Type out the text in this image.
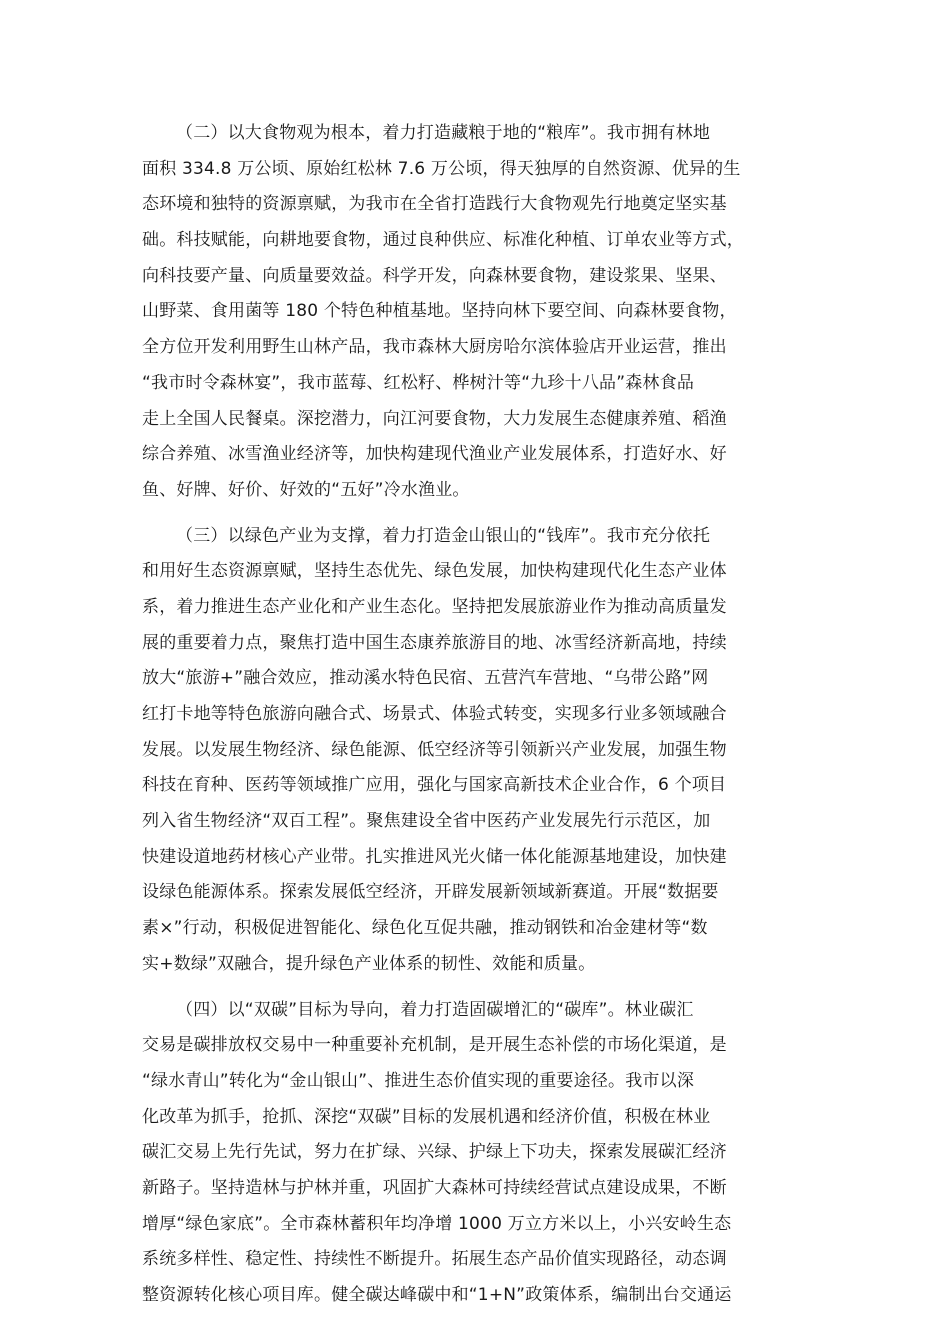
（二）以大食物观为根本，着力打造藏粮于地的“粮库”。我市拥有林地
面积 334.8 万公顷、原始红松林 7.6 万公顷，得天独厚的自然资源、优异的生
态环境和独特的资源禀赋，为我市在全省打造践行大食物观先行地奠定坚实基
础。科技赋能，向耕地要食物，通过良种供应、标准化种植、订单农业等方式，
向科技要产量、向质量要效益。科学开发，向森林要食物，建设浆果、坚果、
山野菜、食用菌等 180 个特色种植基地。坚持向林下要空间、向森林要食物，
全方位开发利用野生山林产品，我市森林大厨房哈尔滨体验店开业运营，推出
“我市时令森林宴”，我市蓝莓、红松籽、桦树汁等“九珍十八品”森林食品
走上全国人民餐桌。深挖潜力，向江河要食物，大力发展生态健康养殖、稻渔
综合养殖、冰雪渔业经济等，加快构建现代渔业产业发展体系，打造好水、好
鱼、好牌、好价、好效的“五好”冷水渔业。

（三）以绿色产业为支撑，着力打造金山银山的“钱库”。我市充分依托
和用好生态资源禀赋，坚持生态优先、绿色发展，加快构建现代化生态产业体
系，着力推进生态产业化和产业生态化。坚持把发展旅游业作为推动高质量发
展的重要着力点，聚焦打造中国生态康养旅游目的地、冰雪经济新高地，持续
放大“旅游+”融合效应，推动溪水特色民宿、五营汽车营地、“乌带公路”网
红打卡地等特色旅游向融合式、场景式、体验式转变，实现多行业多领域融合
发展。以发展生物经济、绿色能源、低空经济等引领新兴产业发展，加强生物
科技在育种、医药等领域推广应用，强化与国家高新技术企业合作，6 个项目
列入省生物经济“双百工程”。聚焦建设全省中医药产业发展先行示范区，加
快建设道地药材核心产业带。扎实推进风光火储一体化能源基地建设，加快建
设绿色能源体系。探索发展低空经济，开辟发展新领域新赛道。开展“数据要
素×”行动，积极促进智能化、绿色化互促共融，推动钢铁和冶金建材等“数
实+数绿”双融合，提升绿色产业体系的韧性、效能和质量。

（四）以“双碳”目标为导向，着力打造固碳增汇的“碳库”。林业碳汇
交易是碳排放权交易中一种重要补充机制，是开展生态补偿的市场化渠道，是
“绿水青山”转化为“金山银山”、推进生态价值实现的重要途径。我市以深
化改革为抓手，抢抓、深挖“双碳”目标的发展机遇和经济价值，积极在林业
碳汇交易上先行先试，努力在扩绿、兴绿、护绿上下功夫，探索发展碳汇经济
新路子。坚持造林与护林并重，巩固扩大森林可持续经营试点建设成果，不断
增厚“绿色家底”。全市森林蓄积年均净增 1000 万立方米以上，小兴安岭生态
系统多样性、稳定性、持续性不断提升。拓展生态产品价值实现路径，动态调
整资源转化核心项目库。健全碳达峰碳中和“1+N”政策体系，编制出台交通运
